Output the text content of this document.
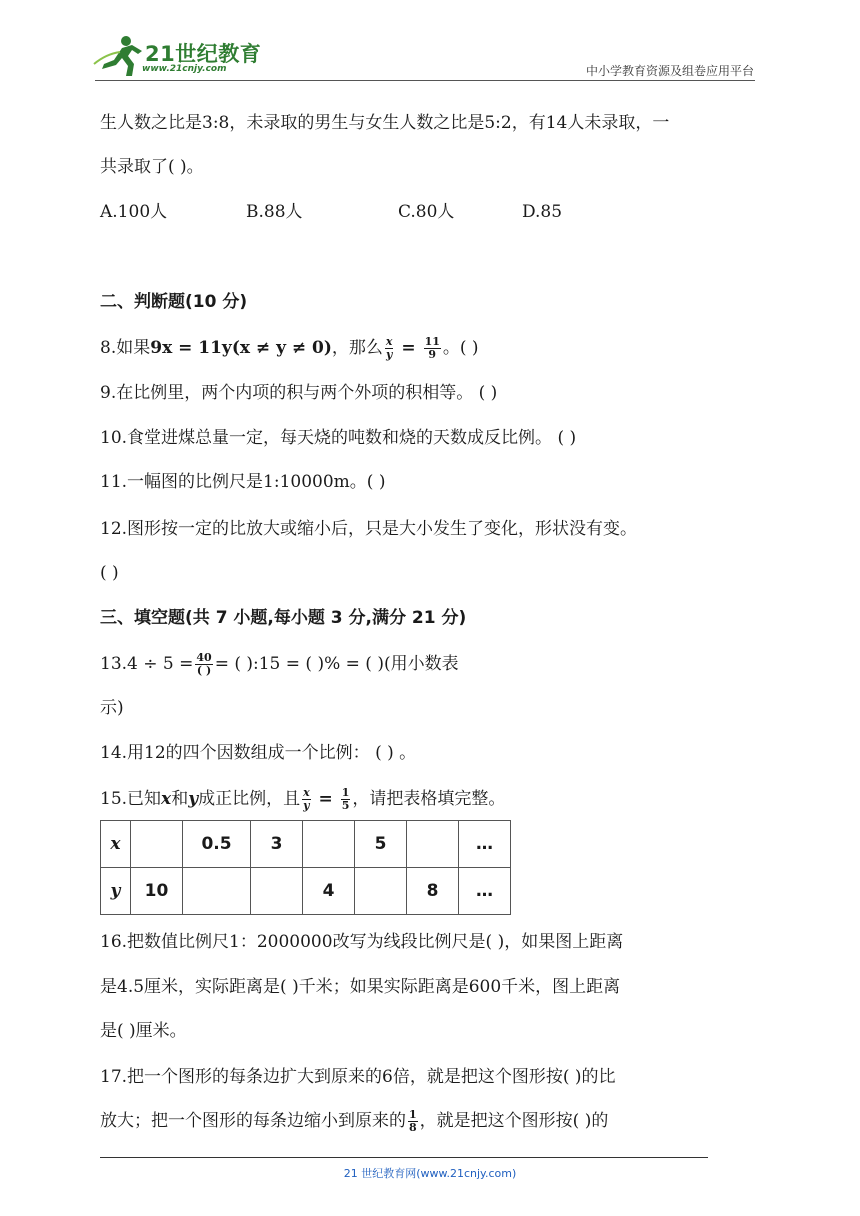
21世纪教育
www.21cnjy.com	中小学教育资源及组卷应用平台
生人数之比是3:8，未录取的男生与女生人数之比是5:2，有14人未录取，一
共录取了( )。
A.100人	B.88人	C.80人	D.85
二、判断题(10 分)
8.如果9x = 11y(x ≠ y ≠ 0)，那么 $\frac{x}{y} = \frac{11}{9}$ 。( )
9.在比例里，两个内项的积与两个外项的积相等。 ( )
10.食堂进煤总量一定，每天烧的吨数和烧的天数成反比例。 ( )
11.一幅图的比例尺是1:10000m。( )
12.图形按一定的比放大或缩小后，只是大小发生了变化，形状没有变。
( )
三、填空题(共 7 小题,每小题 3 分,满分 21 分)
$13.4 \div 5 = \frac{40}{( )}$ = ( ):15 = ( )% = ( )(用小数表
示)
14.用12的四个因数组成一个比例： ( ) 。
15.已知x和y成正比例，且 $\frac{x}{y} = \frac{1}{5}$ ，请把表格填完整。
x		0.5	3		5		…
y	10			4		8	…
16.把数值比例尺1：2000000改写为线段比例尺是( )，如果图上距离
是4.5厘米，实际距离是( )千米；如果实际距离是600千米，图上距离
是( )厘米。
17.把一个图形的每条边扩大到原来的6倍，就是把这个图形按( )的比
放大；把一个图形的每条边缩小到原来的 $\frac{1}{8}$ ，就是把这个图形按( )的
21 世纪教育网(www.21cnjy.com)
